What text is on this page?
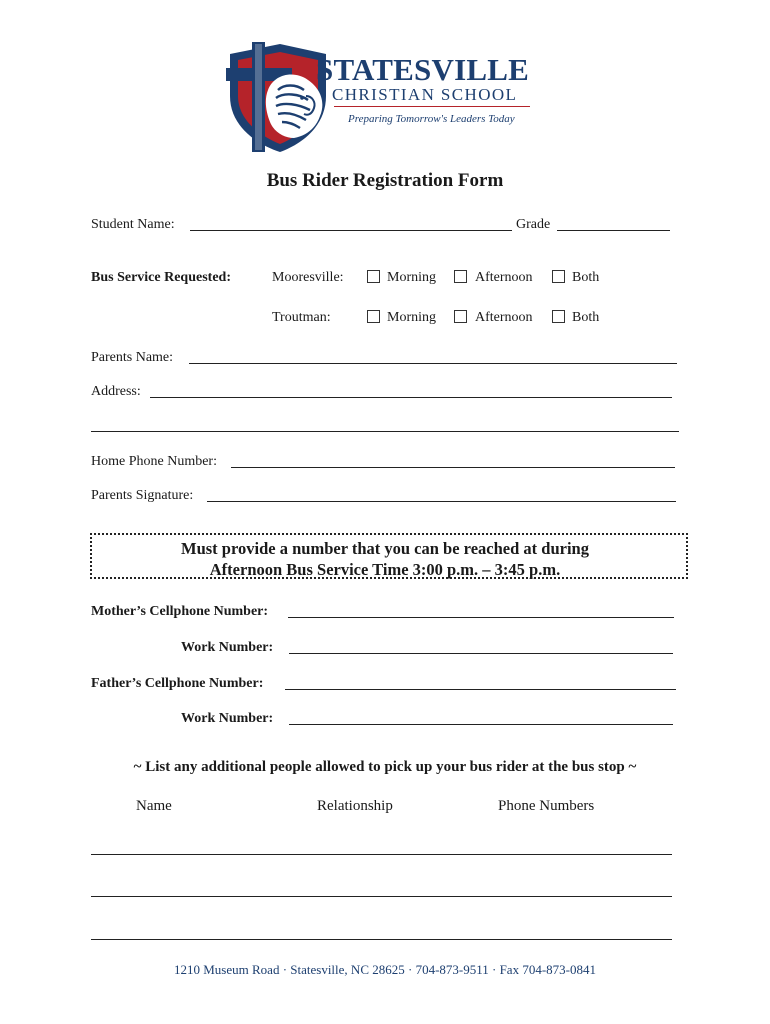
STATESVILLE
CHRISTIAN SCHOOL
Preparing Tomorrow's Leaders Today
Bus Rider Registration Form
Student Name:	Grade
Bus Service Requested:	Mooresville:	Morning	Afternoon	Both
Troutman:	Morning	Afternoon	Both
Parents Name:
Address:
Home Phone Number:
Parents Signature:
Must provide a number that you can be reached at during
Afternoon Bus Service Time 3:00 p.m. – 3:45 p.m.
Mother’s Cellphone Number:
Work Number:
Father’s Cellphone Number:
Work Number:
~ List any additional people allowed to pick up your bus rider at the bus stop ~
Name	Relationship	Phone Numbers
1210 Museum Road · Statesville, NC 28625 · 704-873-9511 · Fax 704-873-0841
